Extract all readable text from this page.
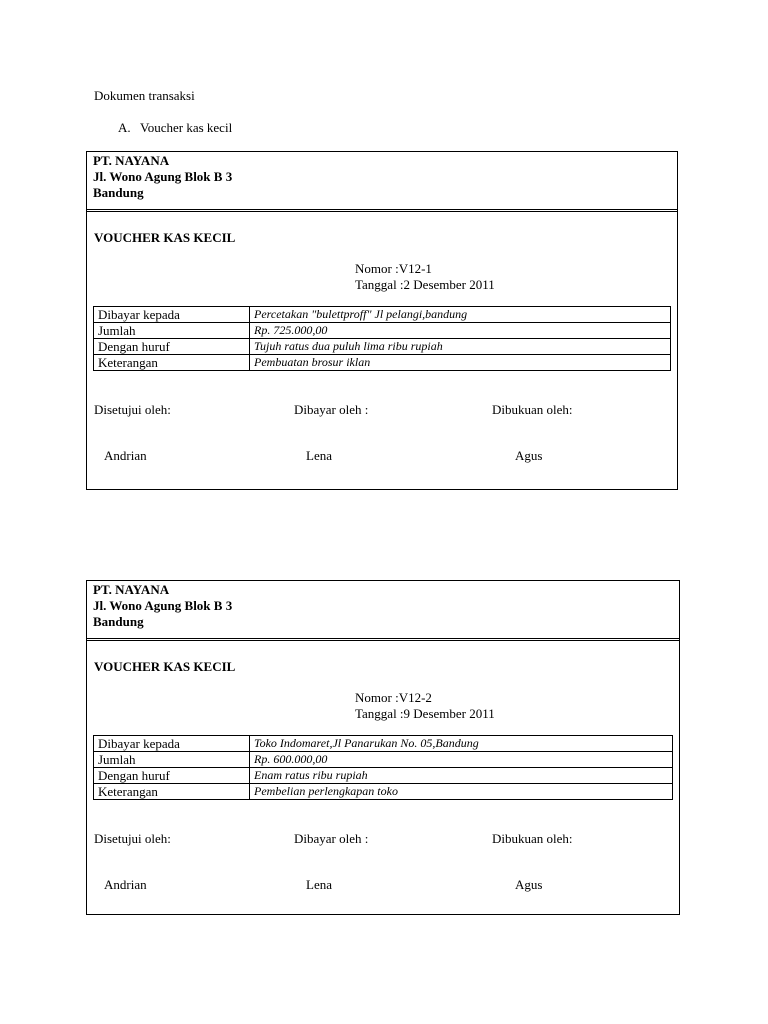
Dokumen transaksi
A. Voucher kas kecil
PT. NAYANA
Jl. Wono Agung Blok B 3
Bandung
VOUCHER KAS KECIL
Nomor :V12-1
Tanggal :2 Desember 2011
Dibayar kepada	Percetakan "bulettproff" Jl pelangi,bandung
Jumlah	Rp. 725.000,00
Dengan huruf	Tujuh ratus dua puluh lima ribu rupiah
Keterangan	Pembuatan brosur iklan
Disetujui oleh:	Dibayar oleh :	Dibukuan oleh:
Andrian	Lena	Agus
PT. NAYANA
Jl. Wono Agung Blok B 3
Bandung
VOUCHER KAS KECIL
Nomor :V12-2
Tanggal :9 Desember 2011
Dibayar kepada	Toko Indomaret,Jl Panarukan No. 05,Bandung
Jumlah	Rp. 600.000,00
Dengan huruf	Enam ratus ribu rupiah
Keterangan	Pembelian perlengkapan toko
Disetujui oleh:	Dibayar oleh :	Dibukuan oleh:
Andrian	Lena	Agus
